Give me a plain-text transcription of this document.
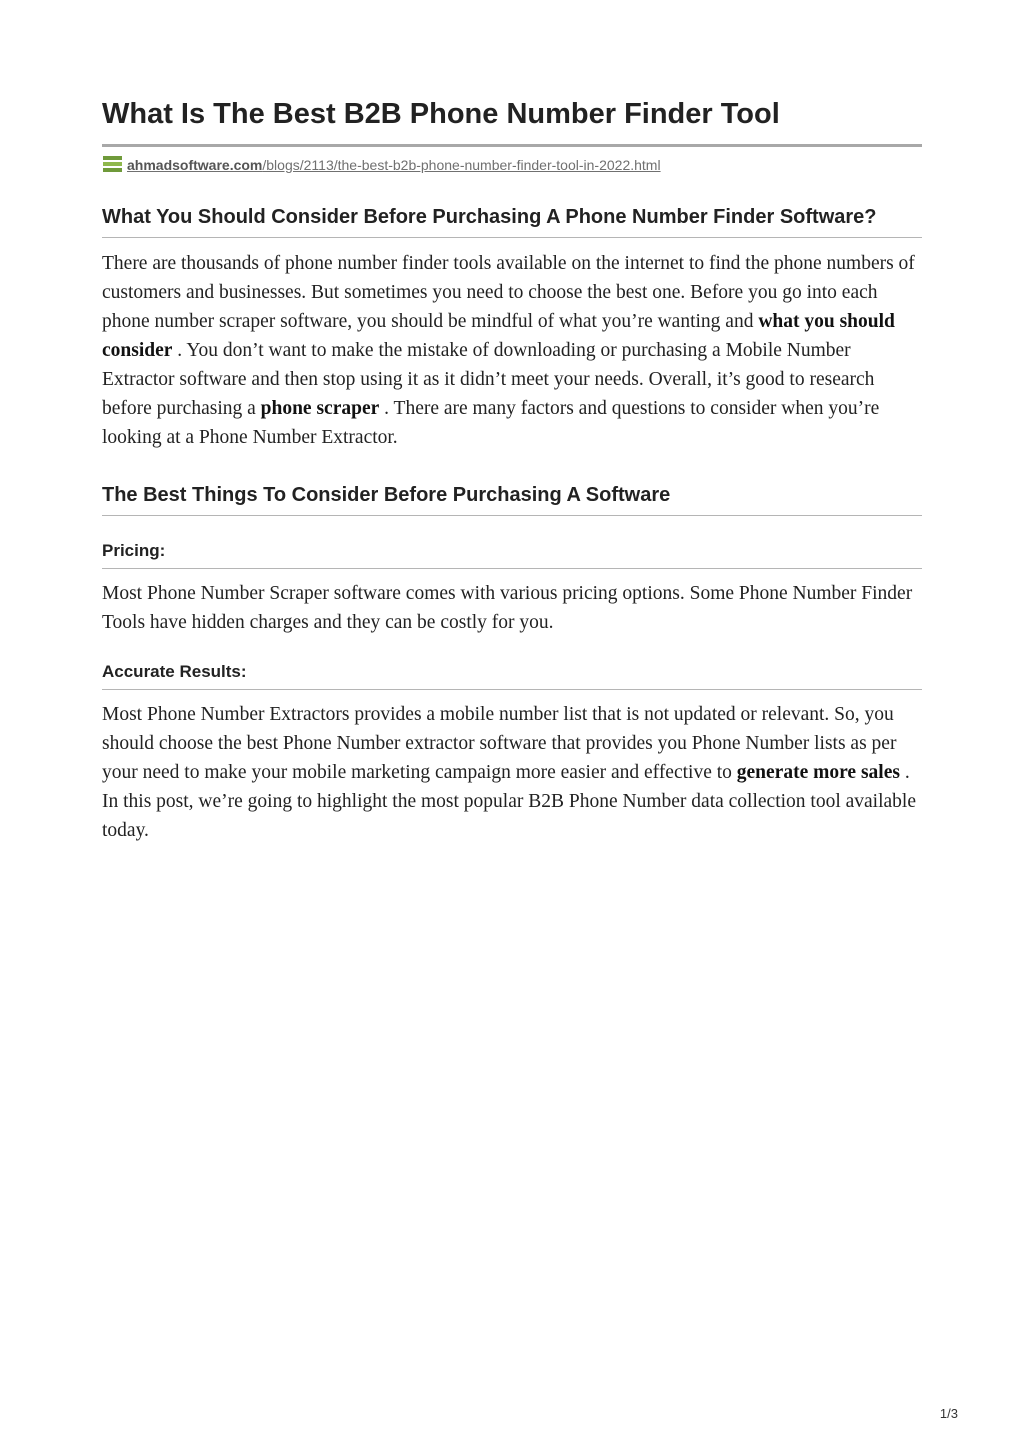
What Is The Best B2B Phone Number Finder Tool
ahmadsoftware.com/blogs/2113/the-best-b2b-phone-number-finder-tool-in-2022.html
What You Should Consider Before Purchasing A Phone Number Finder Software?

There are thousands of phone number finder tools available on the internet to find the phone numbers of customers and businesses. But sometimes you need to choose the best one. Before you go into each phone number scraper software, you should be mindful of what you’re wanting and what you should consider . You don’t want to make the mistake of downloading or purchasing a Mobile Number Extractor software and then stop using it as it didn’t meet your needs. Overall, it’s good to research before purchasing a phone scraper . There are many factors and questions to consider when you’re looking at a Phone Number Extractor.

The Best Things To Consider Before Purchasing A Software
Pricing:

Most Phone Number Scraper software comes with various pricing options. Some Phone Number Finder Tools have hidden charges and they can be costly for you.

Accurate Results:

Most Phone Number Extractors provides a mobile number list that is not updated or relevant. So, you should choose the best Phone Number extractor software that provides you Phone Number lists as per your need to make your mobile marketing campaign more easier and effective to generate more sales . In this post, we’re going to highlight the most popular B2B Phone Number data collection tool available today.

1/3
